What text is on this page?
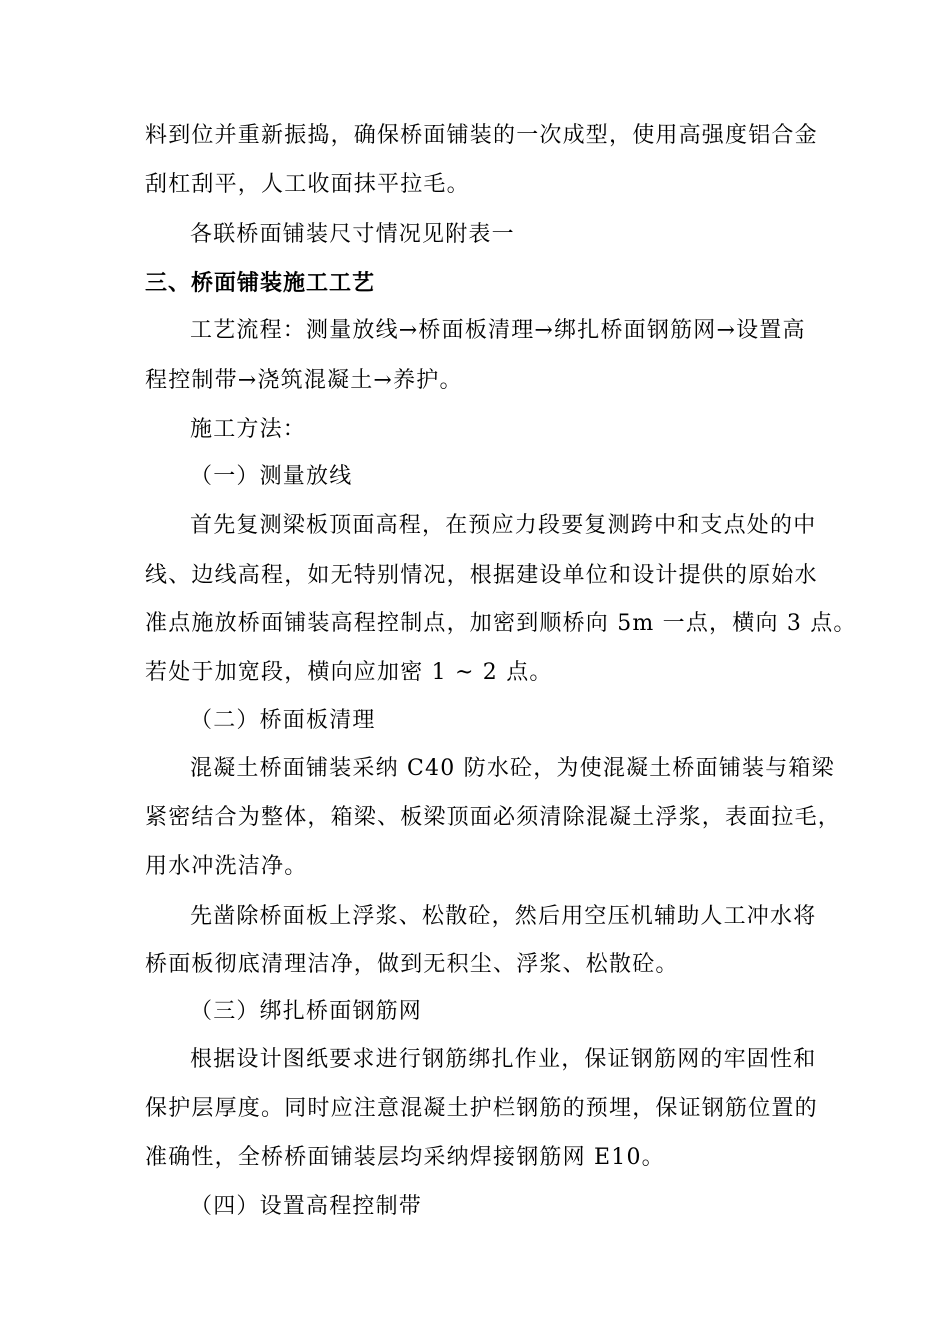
料到位并重新振捣，确保桥面铺装的一次成型，使用高强度铝合金
刮杠刮平，人工收面抹平拉毛。
各联桥面铺装尺寸情况见附表一
三、桥面铺装施工工艺
工艺流程：测量放线→桥面板清理→绑扎桥面钢筋网→设置高
程控制带→浇筑混凝土→养护。
施工方法：
（一）测量放线
首先复测梁板顶面高程，在预应力段要复测跨中和支点处的中
线、边线高程，如无特别情况，根据建设单位和设计提供的原始水
准点施放桥面铺装高程控制点，加密到顺桥向 5m 一点，横向 3 点。
若处于加宽段，横向应加密 1 ~ 2 点。
（二）桥面板清理
混凝土桥面铺装采纳 C40 防水砼，为使混凝土桥面铺装与箱梁
紧密结合为整体，箱梁、板梁顶面必须清除混凝土浮浆，表面拉毛，
用水冲洗洁净。
先凿除桥面板上浮浆、松散砼，然后用空压机辅助人工冲水将
桥面板彻底清理洁净，做到无积尘、浮浆、松散砼。
（三）绑扎桥面钢筋网
根据设计图纸要求进行钢筋绑扎作业，保证钢筋网的牢固性和
保护层厚度。同时应注意混凝土护栏钢筋的预埋，保证钢筋位置的
准确性，全桥桥面铺装层均采纳焊接钢筋网 E10。
（四）设置高程控制带
